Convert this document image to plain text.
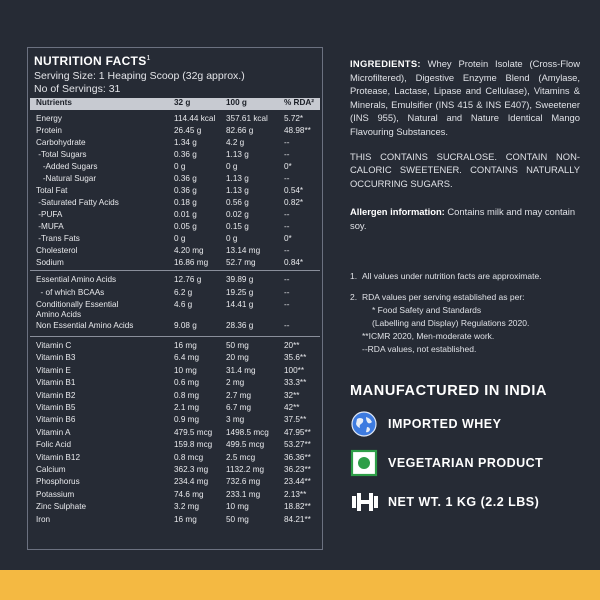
NUTRITION FACTS$^1$
Serving Size: 1 Heaping Scoop (32g approx.)
No of Servings: 31
Nutrients	32 g	100 g	% RDA²
Energy	114.44 kcal 357.61 kcal 5.72*
Protein	26.45 g	82.66 g	48.98**
Carbohydrate	1.34 g	4.2 g	--
-Total Sugars	0.36 g	1.13 g	--
-Added Sugars	0 g	0 g	0*
-Natural Sugar	0.36 g	1.13 g	--
Total Fat	0.36 g	1.13 g	0.54*
-Saturated Fatty Acids	0.18 g	0.56 g	0.82*
-PUFA	0.01 g	0.02 g	--
-MUFA	0.05 g	0.15 g	--
-Trans Fats	0 g	0 g	0*
Cholesterol	4.20 mg	13.14 mg	--
Sodium	16.86 mg 52.7 mg	0.84*
Essential Amino Acids	12.76 g	39.89 g	--
- of which BCAAs	6.2 g	19.25 g	--
Conditionally Essential	4.6 g	14.41 g	--
Amino Acids
Non Essential Amino Acids	9.08 g	28.36 g	--
Vitamin C	16 mg	50 mg	20**
Vitamin B3	6.4 mg	20 mg	35.6**
Vitamin E	10 mg	31.4 mg	100**
Vitamin B1	0.6 mg	2 mg	33.3**
Vitamin B2	0.8 mg	2.7 mg	32**
Vitamin B5	2.1 mg	6.7 mg	42**
Vitamin B6	0.9 mg	3 mg	37.5**
Vitamin A	479.5 mcg 1498.5 mcg 47.95**
Folic Acid	159.8 mcg 499.5 mcg 53.27**
Vitamin B12	0.8 mcg	2.5 mcg	36.36**
Calcium	362.3 mg 1132.2 mg 36.23**
Phosphorus	234.4 mg 732.6 mg	23.44**
Potassium	74.6 mg	233.1 mg	2.13**
Zinc Sulphate	3.2 mg	10 mg	18.82**
Iron	16 mg	50 mg	84.21**
INGREDIENTS: Whey Protein Isolate (Cross-Flow Microfiltered), Digestive Enzyme Blend (Amylase, Protease, Lactase, Lipase and Cellulase), Vitamins & Minerals, Emulsifier (INS 415 & INS E407), Sweetener (INS 955), Natural and Nature Identical Mango Flavouring Substances.
THIS CONTAINS SUCRALOSE. CONTAIN NON-CALORIC SWEETENER. CONTAINS NATURALLY OCCURRING SUGARS.
Allergen information: Contains milk and may contain soy.
1. All values under nutrition facts are approximate.
2. RDA values per serving established as per:
* Food Safety and Standards
(Labelling and Display) Regulations 2020.
**ICMR 2020, Men-moderate work.
--RDA values, not established.
MANUFACTURED IN INDIA
IMPORTED WHEY
VEGETARIAN PRODUCT
NET WT. 1 KG (2.2 LBS)
